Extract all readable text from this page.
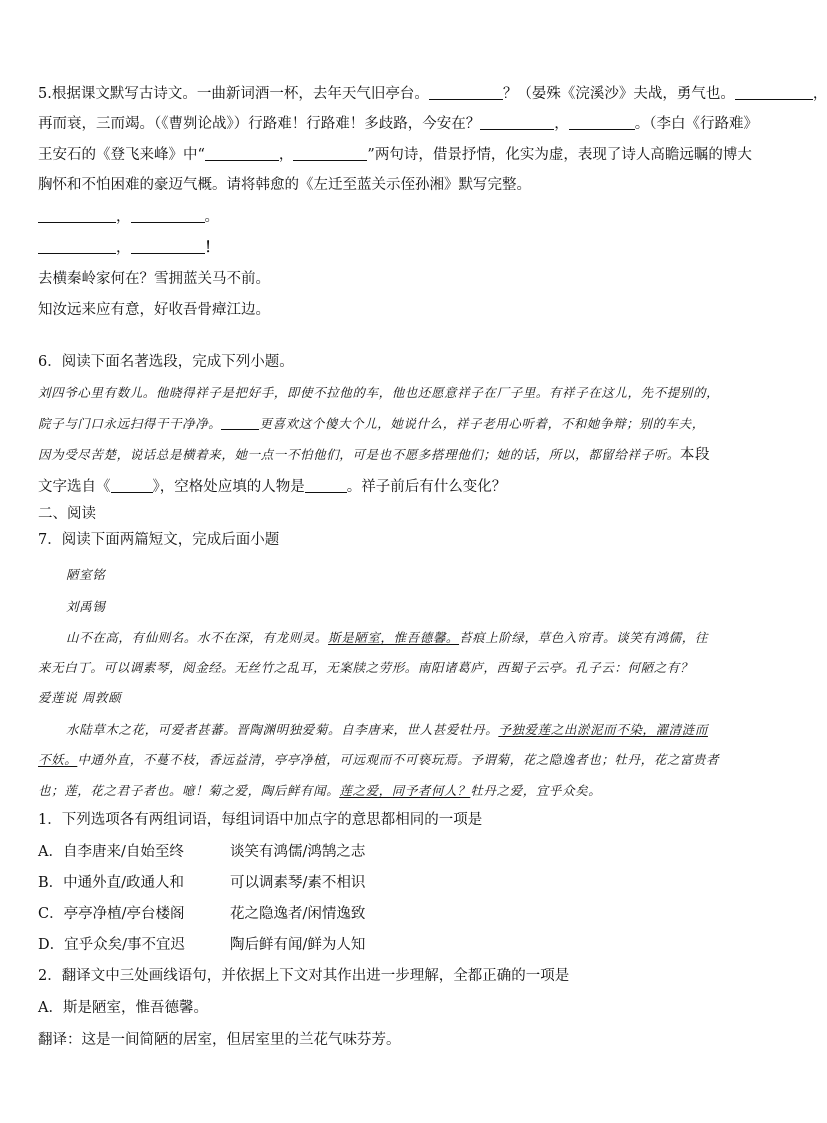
5.根据课文默写古诗文。一曲新词酒一杯，去年天气旧亭台。	？（晏殊《浣溪沙》夫战，勇气也。	，
再而衰，三而竭。（《曹刿论战》）行路难！行路难！多歧路，今安在？	，	。（李白《行路难》
王安石的《登飞来峰》中“	，	”两句诗，借景抒情，化实为虚，表现了诗人高瞻远瞩的博大
胸怀和不怕困难的豪迈气概。请将韩愈的《左迁至蓝关示侄孙湘》默写完整。
，	。
，	！
去横秦岭家何在？雪拥蓝关马不前。
知汝远来应有意，好收吾骨瘴江边。
6．阅读下面名著选段，完成下列小题。
刘四爷心里有数儿。他晓得祥子是把好手，即使不拉他的车，他也还愿意祥子在厂子里。有祥子在这儿，先不提别的，
院子与门口永远扫得干干净净。	更喜欢这个傻大个儿，她说什么，祥子老用心听着，不和她争辩；别的车夫，
因为受尽苦楚，说话总是横着来，她一点一不怕他们，可是也不愿多搭理他们；她的话，所以，都留给祥子听。本段
文字选自《	》，空格处应填的人物是	。祥子前后有什么变化？
二、阅读
7．阅读下面两篇短文，完成后面小题
陋室铭
刘禹锡
山不在高，有仙则名。水不在深，有龙则灵。斯是陋室，惟吾德馨。苔痕上阶绿，草色入帘青。谈笑有鸿儒，往
来无白丁。可以调素琴，阅金经。无丝竹之乱耳，无案牍之劳形。南阳诸葛庐，西蜀子云亭。孔子云：何陋之有？
爱莲说 周敦颐
水陆草木之花，可爱者甚蕃。晋陶渊明独爱菊。自李唐来，世人甚爱牡丹。予独爱莲之出淤泥而不染，濯清涟而
不妖。中通外直，不蔓不枝，香远益清，亭亭净植，可远观而不可亵玩焉。予谓菊，花之隐逸者也；牡丹，花之富贵者
也；莲，花之君子者也。噫！菊之爱，陶后鲜有闻。莲之爱，同予者何人？牡丹之爱，宜乎众矣。
1．下列选项各有两组词语，每组词语中加点字的意思都相同的一项是
A．自李唐来/自始至终	谈笑有鸿儒/鸿鹄之志
B．中通外直/政通人和	可以调素琴/素不相识
C．亭亭净植/亭台楼阁	花之隐逸者/闲情逸致
D．宜乎众矣/事不宜迟	陶后鲜有闻/鲜为人知
2．翻译文中三处画线语句，并依据上下文对其作出进一步理解，全都正确的一项是
A．斯是陋室，惟吾德馨。
翻译：这是一间简陋的居室，但居室里的兰花气味芬芳。
